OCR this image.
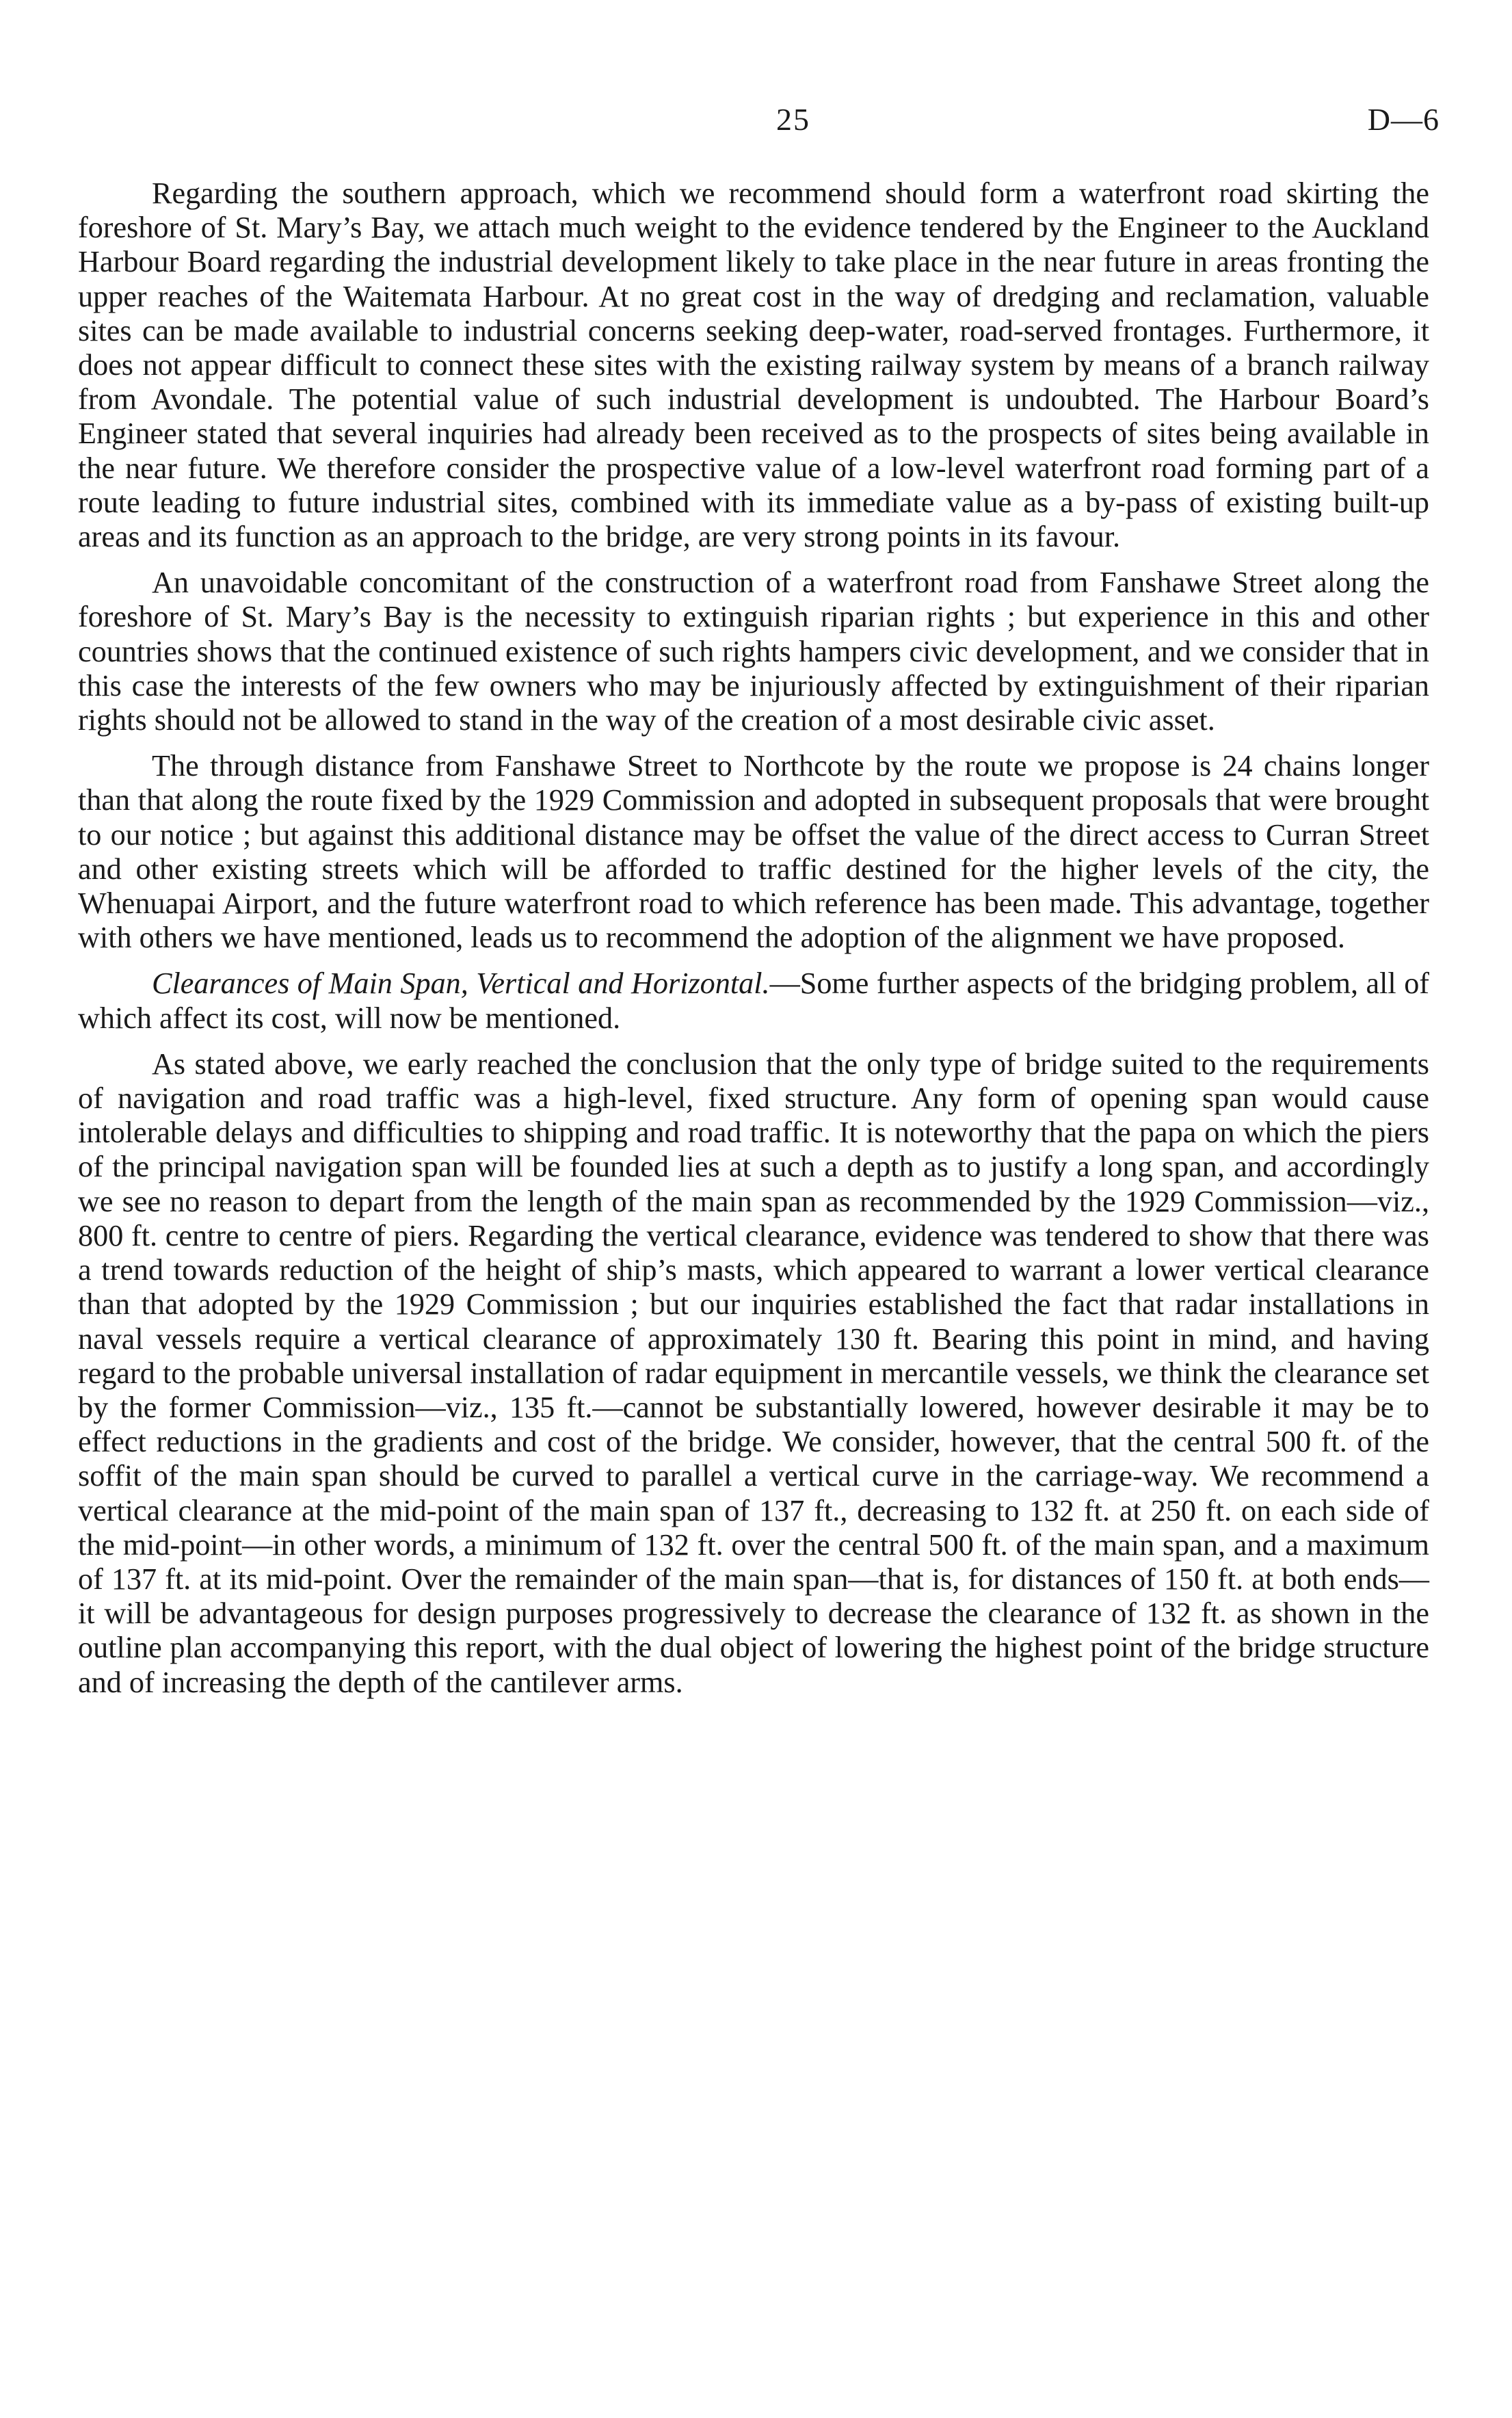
25	D—6

Regarding the southern approach, which we recommend should form a waterfront road skirting the foreshore of St. Mary’s Bay, we attach much weight to the evidence tendered by the Engineer to the Auckland Harbour Board regarding the industrial development likely to take place in the near future in areas fronting the upper reaches of the Waitemata Harbour. At no great cost in the way of dredging and reclamation, valuable sites can be made available to industrial concerns seeking deep-water, road-served frontages. Furthermore, it does not appear difficult to connect these sites with the existing railway system by means of a branch railway from Avondale. The potential value of such industrial development is undoubted. The Harbour Board’s Engineer stated that several inquiries had already been received as to the prospects of sites being available in the near future. We therefore consider the prospective value of a low-level waterfront road forming part of a route leading to future industrial sites, combined with its immediate value as a by-pass of existing built-up areas and its function as an approach to the bridge, are very strong points in its favour.

An unavoidable concomitant of the construction of a waterfront road from Fanshawe Street along the foreshore of St. Mary’s Bay is the necessity to extinguish riparian rights ; but experience in this and other countries shows that the continued existence of such rights hampers civic development, and we consider that in this case the interests of the few owners who may be injuriously affected by extinguishment of their riparian rights should not be allowed to stand in the way of the creation of a most desirable civic asset.

The through distance from Fanshawe Street to Northcote by the route we propose is 24 chains longer than that along the route fixed by the 1929 Commission and adopted in subsequent proposals that were brought to our notice ; but against this additional distance may be offset the value of the direct access to Curran Street and other existing streets which will be afforded to traffic destined for the higher levels of the city, the Whenuapai Airport, and the future waterfront road to which reference has been made. This advantage, together with others we have mentioned, leads us to recommend the adoption of the alignment we have proposed.

Clearances of Main Span, Vertical and Horizontal.—Some further aspects of the bridging problem, all of which affect its cost, will now be mentioned.

As stated above, we early reached the conclusion that the only type of bridge suited to the requirements of navigation and road traffic was a high-level, fixed structure. Any form of opening span would cause intolerable delays and difficulties to shipping and road traffic. It is noteworthy that the papa on which the piers of the principal navigation span will be founded lies at such a depth as to justify a long span, and accordingly we see no reason to depart from the length of the main span as recommended by the 1929 Commission—viz., 800 ft. centre to centre of piers. Regarding the vertical clearance, evidence was tendered to show that there was a trend towards reduction of the height of ship’s masts, which appeared to warrant a lower vertical clearance than that adopted by the 1929 Commission ; but our inquiries established the fact that radar installations in naval vessels require a vertical clearance of approximately 130 ft. Bearing this point in mind, and having regard to the probable universal installation of radar equipment in mercantile vessels, we think the clearance set by the former Commission—viz., 135 ft.—cannot be substantially lowered, however desirable it may be to effect reductions in the gradients and cost of the bridge. We consider, however, that the central 500 ft. of the soffit of the main span should be curved to parallel a vertical curve in the carriage-way. We recommend a vertical clearance at the mid-point of the main span of 137 ft., decreasing to 132 ft. at 250 ft. on each side of the mid-point—in other words, a minimum of 132 ft. over the central 500 ft. of the main span, and a maximum of 137 ft. at its mid-point. Over the remainder of the main span—that is, for distances of 150 ft. at both ends—it will be advantageous for design purposes progressively to decrease the clearance of 132 ft. as shown in the outline plan accompanying this report, with the dual object of lowering the highest point of the bridge structure and of increasing the depth of the cantilever arms.
